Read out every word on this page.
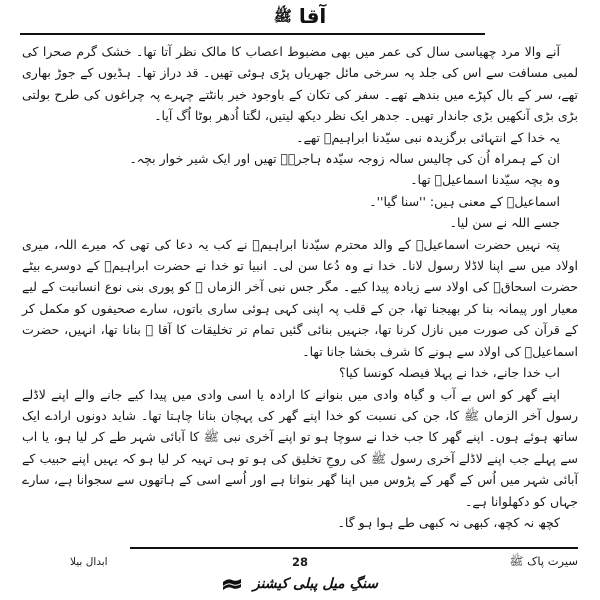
آقا ﷺ

آنے والا مرد چھیاسی سال کی عمر میں بھی مضبوط اعصاب کا مالک نظر آتا تھا۔ خشک گرم صحرا کی لمبی مسافت سے اس کی جلد پہ سرخی مائل جھریاں پڑی ہوئی تھیں۔ قد دراز تھا۔ ہڈیوں کے جوڑ بھاری تھے، سر کے بال کپڑے میں بندھے تھے۔ سفر کی تکان کے باوجود خیر بانٹتے چہرے پہ چراغوں کی طرح بولتی بڑی بڑی آنکھیں بڑی جاندار تھیں۔ جدھر ایک نظر دیکھ لیتیں، لگتا اُدھر بوٹا اُگ آیا۔

یہ خدا کے انتہائی برگزیدہ نبی سیّدنا ابراہیمؑ تھے۔

ان کے ہمراہ اُن کی چالیس سالہ زوجہ سیّدہ ہاجرہؑ تھیں اور ایک شیر خوار بچہ۔

وہ بچہ سیّدنا اسماعیلؑ تھا۔

اسماعیلؑ کے معنی ہیں: ''سنا گیا''۔

جسے اللہ نے سن لیا۔

پتہ نہیں حضرت اسماعیلؑ کے والد محترم سیّدنا ابراہیمؑ نے کب یہ دعا کی تھی کہ میرے اللہ، میری اولاد میں سے اپنا لاڈلا رسول لانا۔ خدا نے وہ دُعا سن لی۔ انبیا تو خدا نے حضرت ابراہیمؑ کے دوسرے بیٹے حضرت اسحاقؑ کی اولاد سے زیادہ پیدا کیے۔ مگر جس نبی آخر الزماں ﷺ کو پوری بنی نوع انسانیت کے لیے معیار اور پیمانہ بنا کر بھیجنا تھا، جن کے قلب پہ اپنی کہی ہوئی ساری باتوں، سارے صحیفوں کو مکمل کر کے قرآن کی صورت میں نازل کرنا تھا، جنہیں بنائی گئیں تمام تر تخلیقات کا آقا ﷺ بنانا تھا، انہیں، حضرت اسماعیلؑ کی اولاد سے ہونے کا شرف بخشا جانا تھا۔

اب خدا جانے، خدا نے پہلا فیصلہ کونسا کیا؟

اپنے گھر کو اس بے آب و گیاہ وادی میں بنوانے کا ارادہ یا اسی وادی میں پیدا کیے جانے والے اپنے لاڈلے رسول آخر الزماں ﷺ کا، جن کی نسبت کو خدا اپنے گھر کی پہچان بنانا چاہتا تھا۔ شاید دونوں ارادے ایک ساتھ ہوئے ہوں۔ اپنے گھر کا جب خدا نے سوچا ہو تو اپنے آخری نبی ﷺ کا آبائی شہر طے کر لیا ہو، یا اب سے پہلے جب اپنے لاڈلے آخری رسول ﷺ کی روحِ تخلیق کی ہو تو ہی تہیہ کر لیا ہو کہ یہیں اپنے حبیب کے آبائی شہر میں اُس کے گھر کے پڑوس میں اپنا گھر بنوانا ہے اور اُسے اسی کے ہاتھوں سے سجوانا ہے، سارے جہاں کو دکھلوانا ہے۔

کچھ نہ کچھ، کبھی نہ کبھی طے ہوا ہو گا۔

سیرت پاک ﷺ
28
ابدال بیلا
سنگِ میل پبلی کیشنز
